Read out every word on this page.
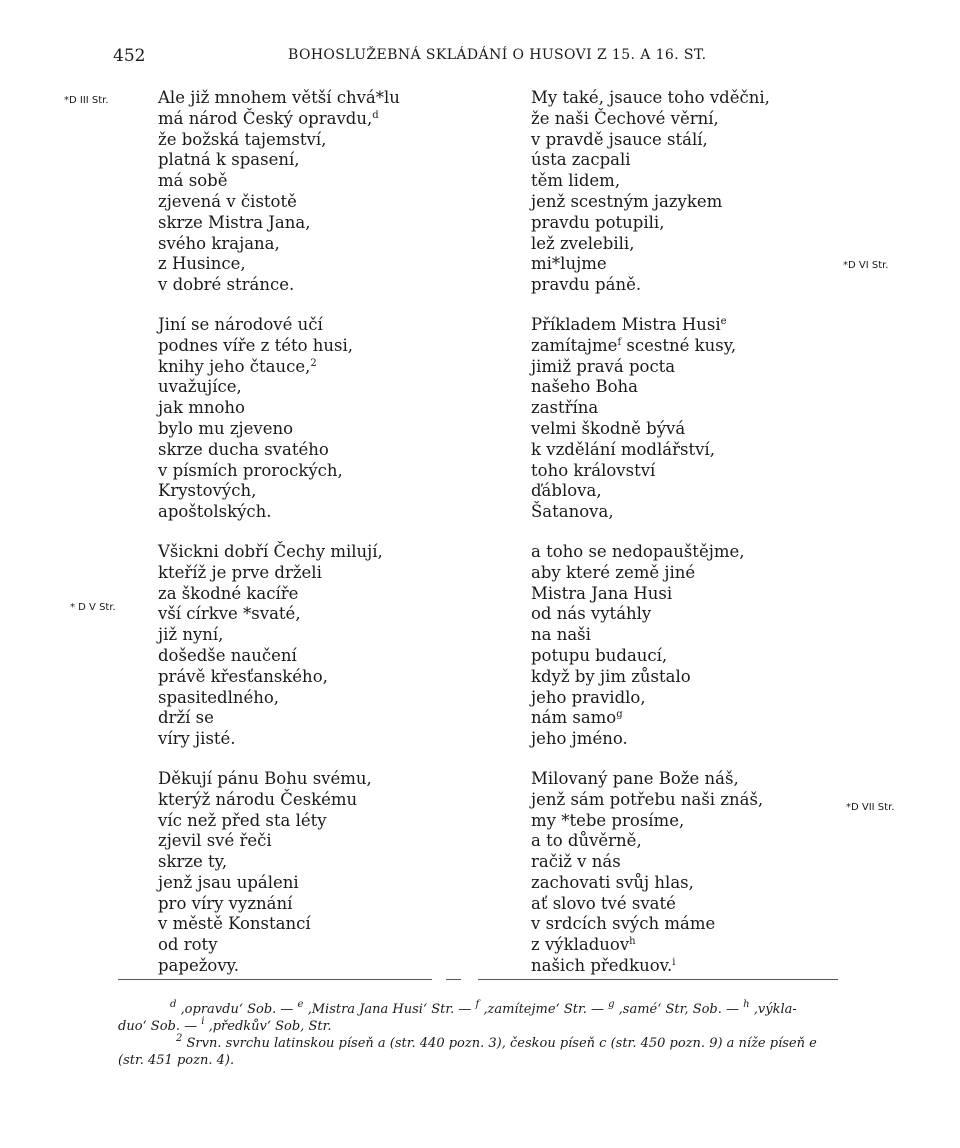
452	BOHOSLUŽEBNÁ SKLÁDÁNÍ O HUSOVI Z 15. A 16. ST.
*D III Str.
* D V Str.
*D VI Str.
*D VII Str.
Ale již mnohem větší chvá*lu
má národ Český opravdu,$^d$
že božská tajemství,
platná k spasení,
má sobě
zjevená v čistotě
skrze Mistra Jana,
svého krajana,
z Husince,
v dobré stránce.
Jiní se národové učí
podnes víře z této husi,
knihy jeho čtauce,$^2$
uvažujíce,
jak mnoho
bylo mu zjeveno
skrze ducha svatého
v písmích prorockých,
Krystových,
apoštolských.
Všickni dobří Čechy milují,
kteříž je prve drželi
za škodné kacíře
vší církve *svaté,
již nyní,
došedše naučení
právě křesťanského,
spasitedlného,
drží se
víry jisté.
Děkují pánu Bohu svému,
kterýž národu Českému
víc než před sta léty
zjevil své řeči
skrze ty,
jenž jsau upáleni
pro víry vyznání
v městě Konstancí
od roty
papežovy.
My také, jsauce toho vděčni,
že naši Čechové věrní,
v pravdě jsauce stálí,
ústa zacpali
těm lidem,
jenž scestným jazykem
pravdu potupili,
lež zvelebili,
mi*lujme
pravdu páně.
Příkladem Mistra Husi$^e$
zamítajme$^f$ scestné kusy,
jimiž pravá pocta
našeho Boha
zastřína
velmi škodně bývá
k vzdělání modlářství,
toho království
ďáblova,
Šatanova,
a toho se nedopauštějme,
aby které země jiné
Mistra Jana Husi
od nás vytáhly
na naši
potupu budaucí,
když by jim zůstalo
jeho pravidlo,
nám samo$^g$
jeho jméno.
Milovaný pane Bože náš,
jenž sám potřebu naši znáš,
my *tebe prosíme,
a to důvěrně,
račiž v nás
zachovati svůj hlas,
ať slovo tvé svaté
v srdcích svých máme
z výkladuov$^h$
našich předkuov.$^i$
$^d$ ‚opravdu‘ Sob. — $^e$ ‚Mistra Jana Husi‘ Str. — $^f$ ‚zamítejme‘ Str. — $^g$ ‚samé‘ Str, Sob. — $^h$ ‚výkla-
duo‘ Sob. — $^i$ ‚předkův‘ Sob, Str.
$^2$ Srvn. svrchu latinskou píseň a (str. 440 pozn. 3), českou píseň c (str. 450 pozn. 9) a níže píseň e
(str. 451 pozn. 4).
